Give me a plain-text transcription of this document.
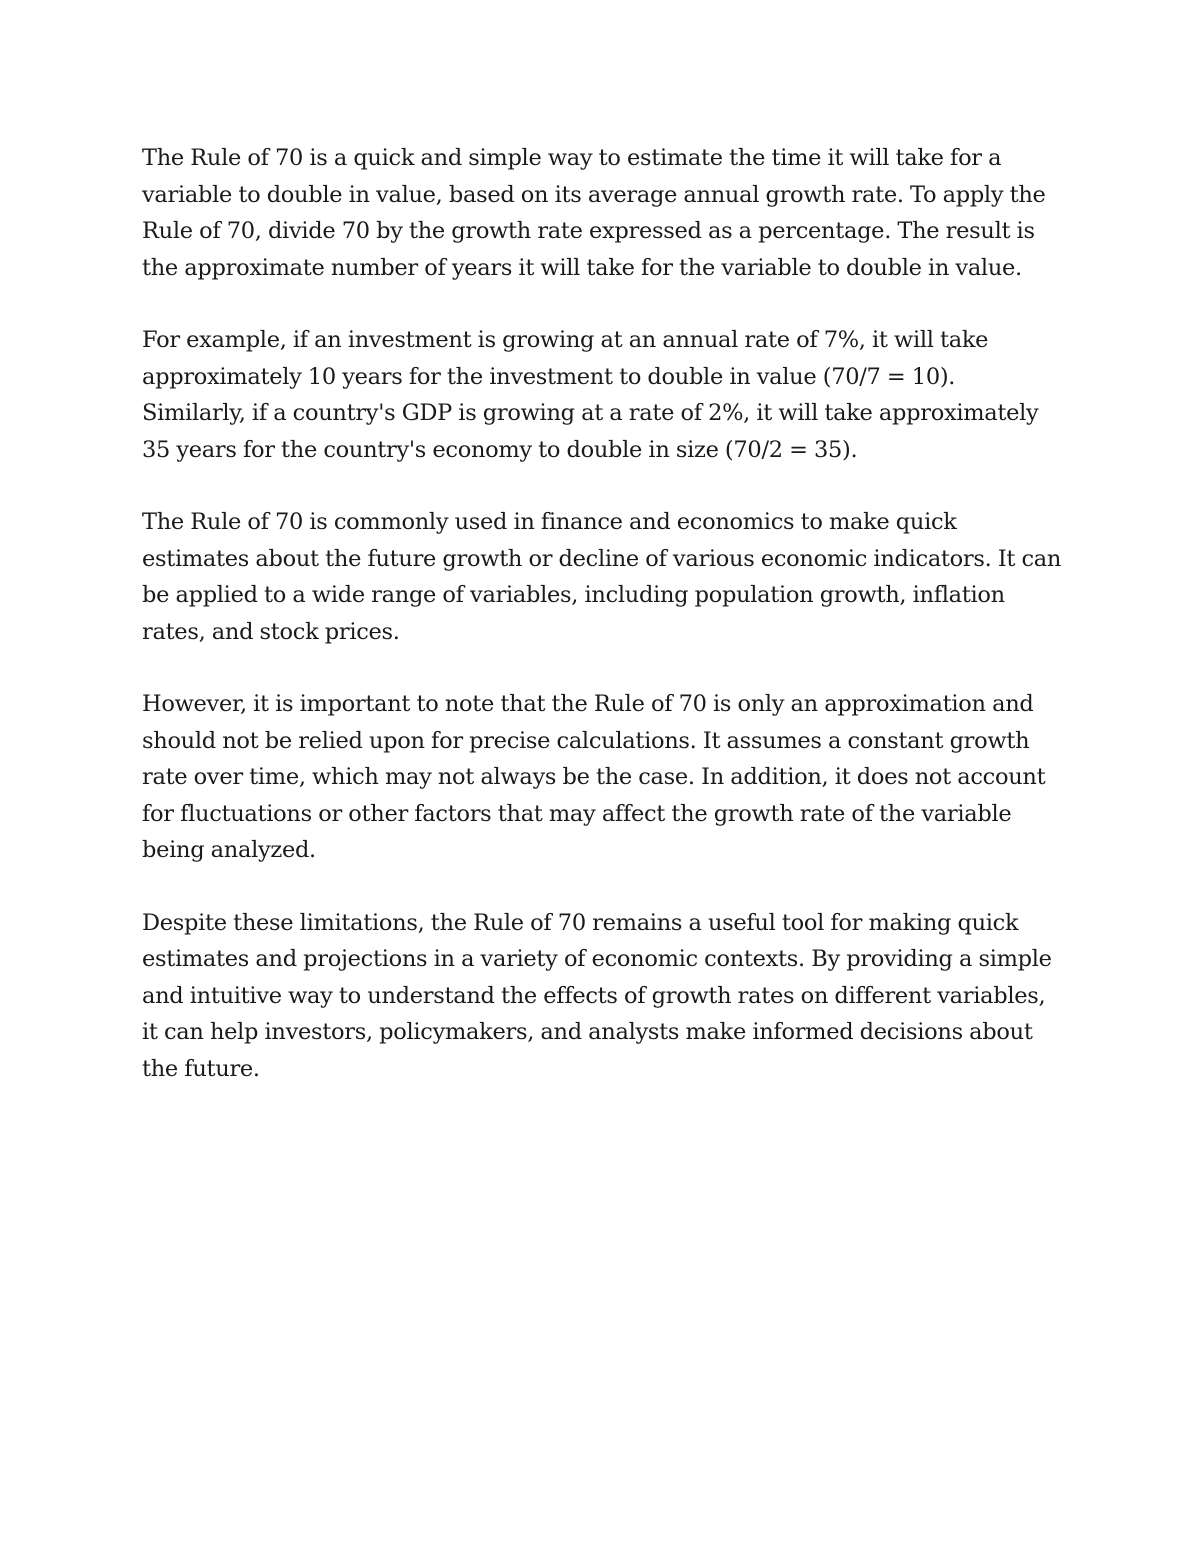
The Rule of 70 is a quick and simple way to estimate the time it will take for a variable to double in value, based on its average annual growth rate. To apply the Rule of 70, divide 70 by the growth rate expressed as a percentage. The result is the approximate number of years it will take for the variable to double in value.

For example, if an investment is growing at an annual rate of 7%, it will take approximately 10 years for the investment to double in value (70/7 = 10). Similarly, if a country's GDP is growing at a rate of 2%, it will take approximately 35 years for the country's economy to double in size (70/2 = 35).

The Rule of 70 is commonly used in finance and economics to make quick estimates about the future growth or decline of various economic indicators. It can be applied to a wide range of variables, including population growth, inflation rates, and stock prices.

However, it is important to note that the Rule of 70 is only an approximation and should not be relied upon for precise calculations. It assumes a constant growth rate over time, which may not always be the case. In addition, it does not account for fluctuations or other factors that may affect the growth rate of the variable being analyzed.

Despite these limitations, the Rule of 70 remains a useful tool for making quick estimates and projections in a variety of economic contexts. By providing a simple and intuitive way to understand the effects of growth rates on different variables, it can help investors, policymakers, and analysts make informed decisions about the future.
